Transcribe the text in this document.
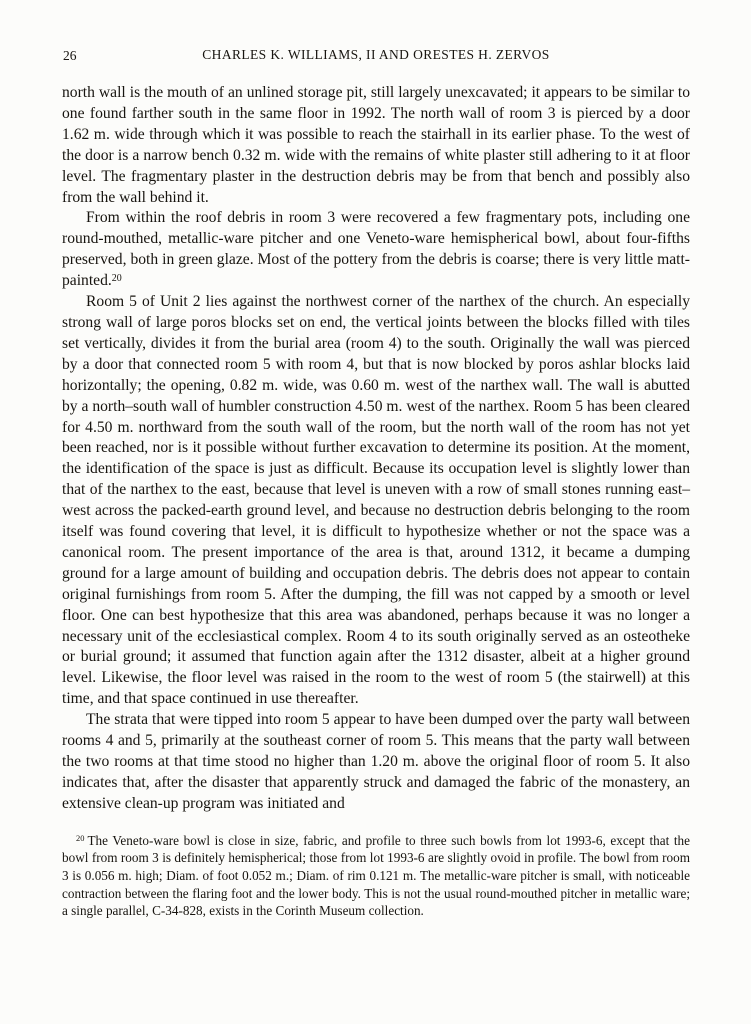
26	CHARLES K. WILLIAMS, II AND ORESTES H. ZERVOS

north wall is the mouth of an unlined storage pit, still largely unexcavated; it appears to be similar to one found farther south in the same floor in 1992. The north wall of room 3 is pierced by a door 1.62 m. wide through which it was possible to reach the stairhall in its earlier phase. To the west of the door is a narrow bench 0.32 m. wide with the remains of white plaster still adhering to it at floor level. The fragmentary plaster in the destruction debris may be from that bench and possibly also from the wall behind it.

From within the roof debris in room 3 were recovered a few fragmentary pots, including one round-mouthed, metallic-ware pitcher and one Veneto-ware hemispherical bowl, about four-fifths preserved, both in green glaze. Most of the pottery from the debris is coarse; there is very little matt-painted.$^{20}$

Room 5 of Unit 2 lies against the northwest corner of the narthex of the church. An especially strong wall of large poros blocks set on end, the vertical joints between the blocks filled with tiles set vertically, divides it from the burial area (room 4) to the south. Originally the wall was pierced by a door that connected room 5 with room 4, but that is now blocked by poros ashlar blocks laid horizontally; the opening, 0.82 m. wide, was 0.60 m. west of the narthex wall. The wall is abutted by a north–south wall of humbler construction 4.50 m. west of the narthex. Room 5 has been cleared for 4.50 m. northward from the south wall of the room, but the north wall of the room has not yet been reached, nor is it possible without further excavation to determine its position. At the moment, the identification of the space is just as difficult. Because its occupation level is slightly lower than that of the narthex to the east, because that level is uneven with a row of small stones running east–west across the packed-earth ground level, and because no destruction debris belonging to the room itself was found covering that level, it is difficult to hypothesize whether or not the space was a canonical room. The present importance of the area is that, around 1312, it became a dumping ground for a large amount of building and occupation debris. The debris does not appear to contain original furnishings from room 5. After the dumping, the fill was not capped by a smooth or level floor. One can best hypothesize that this area was abandoned, perhaps because it was no longer a necessary unit of the ecclesiastical complex. Room 4 to its south originally served as an osteotheke or burial ground; it assumed that function again after the 1312 disaster, albeit at a higher ground level. Likewise, the floor level was raised in the room to the west of room 5 (the stairwell) at this time, and that space continued in use thereafter.

The strata that were tipped into room 5 appear to have been dumped over the party wall between rooms 4 and 5, primarily at the southeast corner of room 5. This means that the party wall between the two rooms at that time stood no higher than 1.20 m. above the original floor of room 5. It also indicates that, after the disaster that apparently struck and damaged the fabric of the monastery, an extensive clean-up program was initiated and

$^{20}$ The Veneto-ware bowl is close in size, fabric, and profile to three such bowls from lot 1993-6, except that the bowl from room 3 is definitely hemispherical; those from lot 1993-6 are slightly ovoid in profile. The bowl from room 3 is 0.056 m. high; Diam. of foot 0.052 m.; Diam. of rim 0.121 m. The metallic-ware pitcher is small, with noticeable contraction between the flaring foot and the lower body. This is not the usual round-mouthed pitcher in metallic ware; a single parallel, C-34-828, exists in the Corinth Museum collection.
